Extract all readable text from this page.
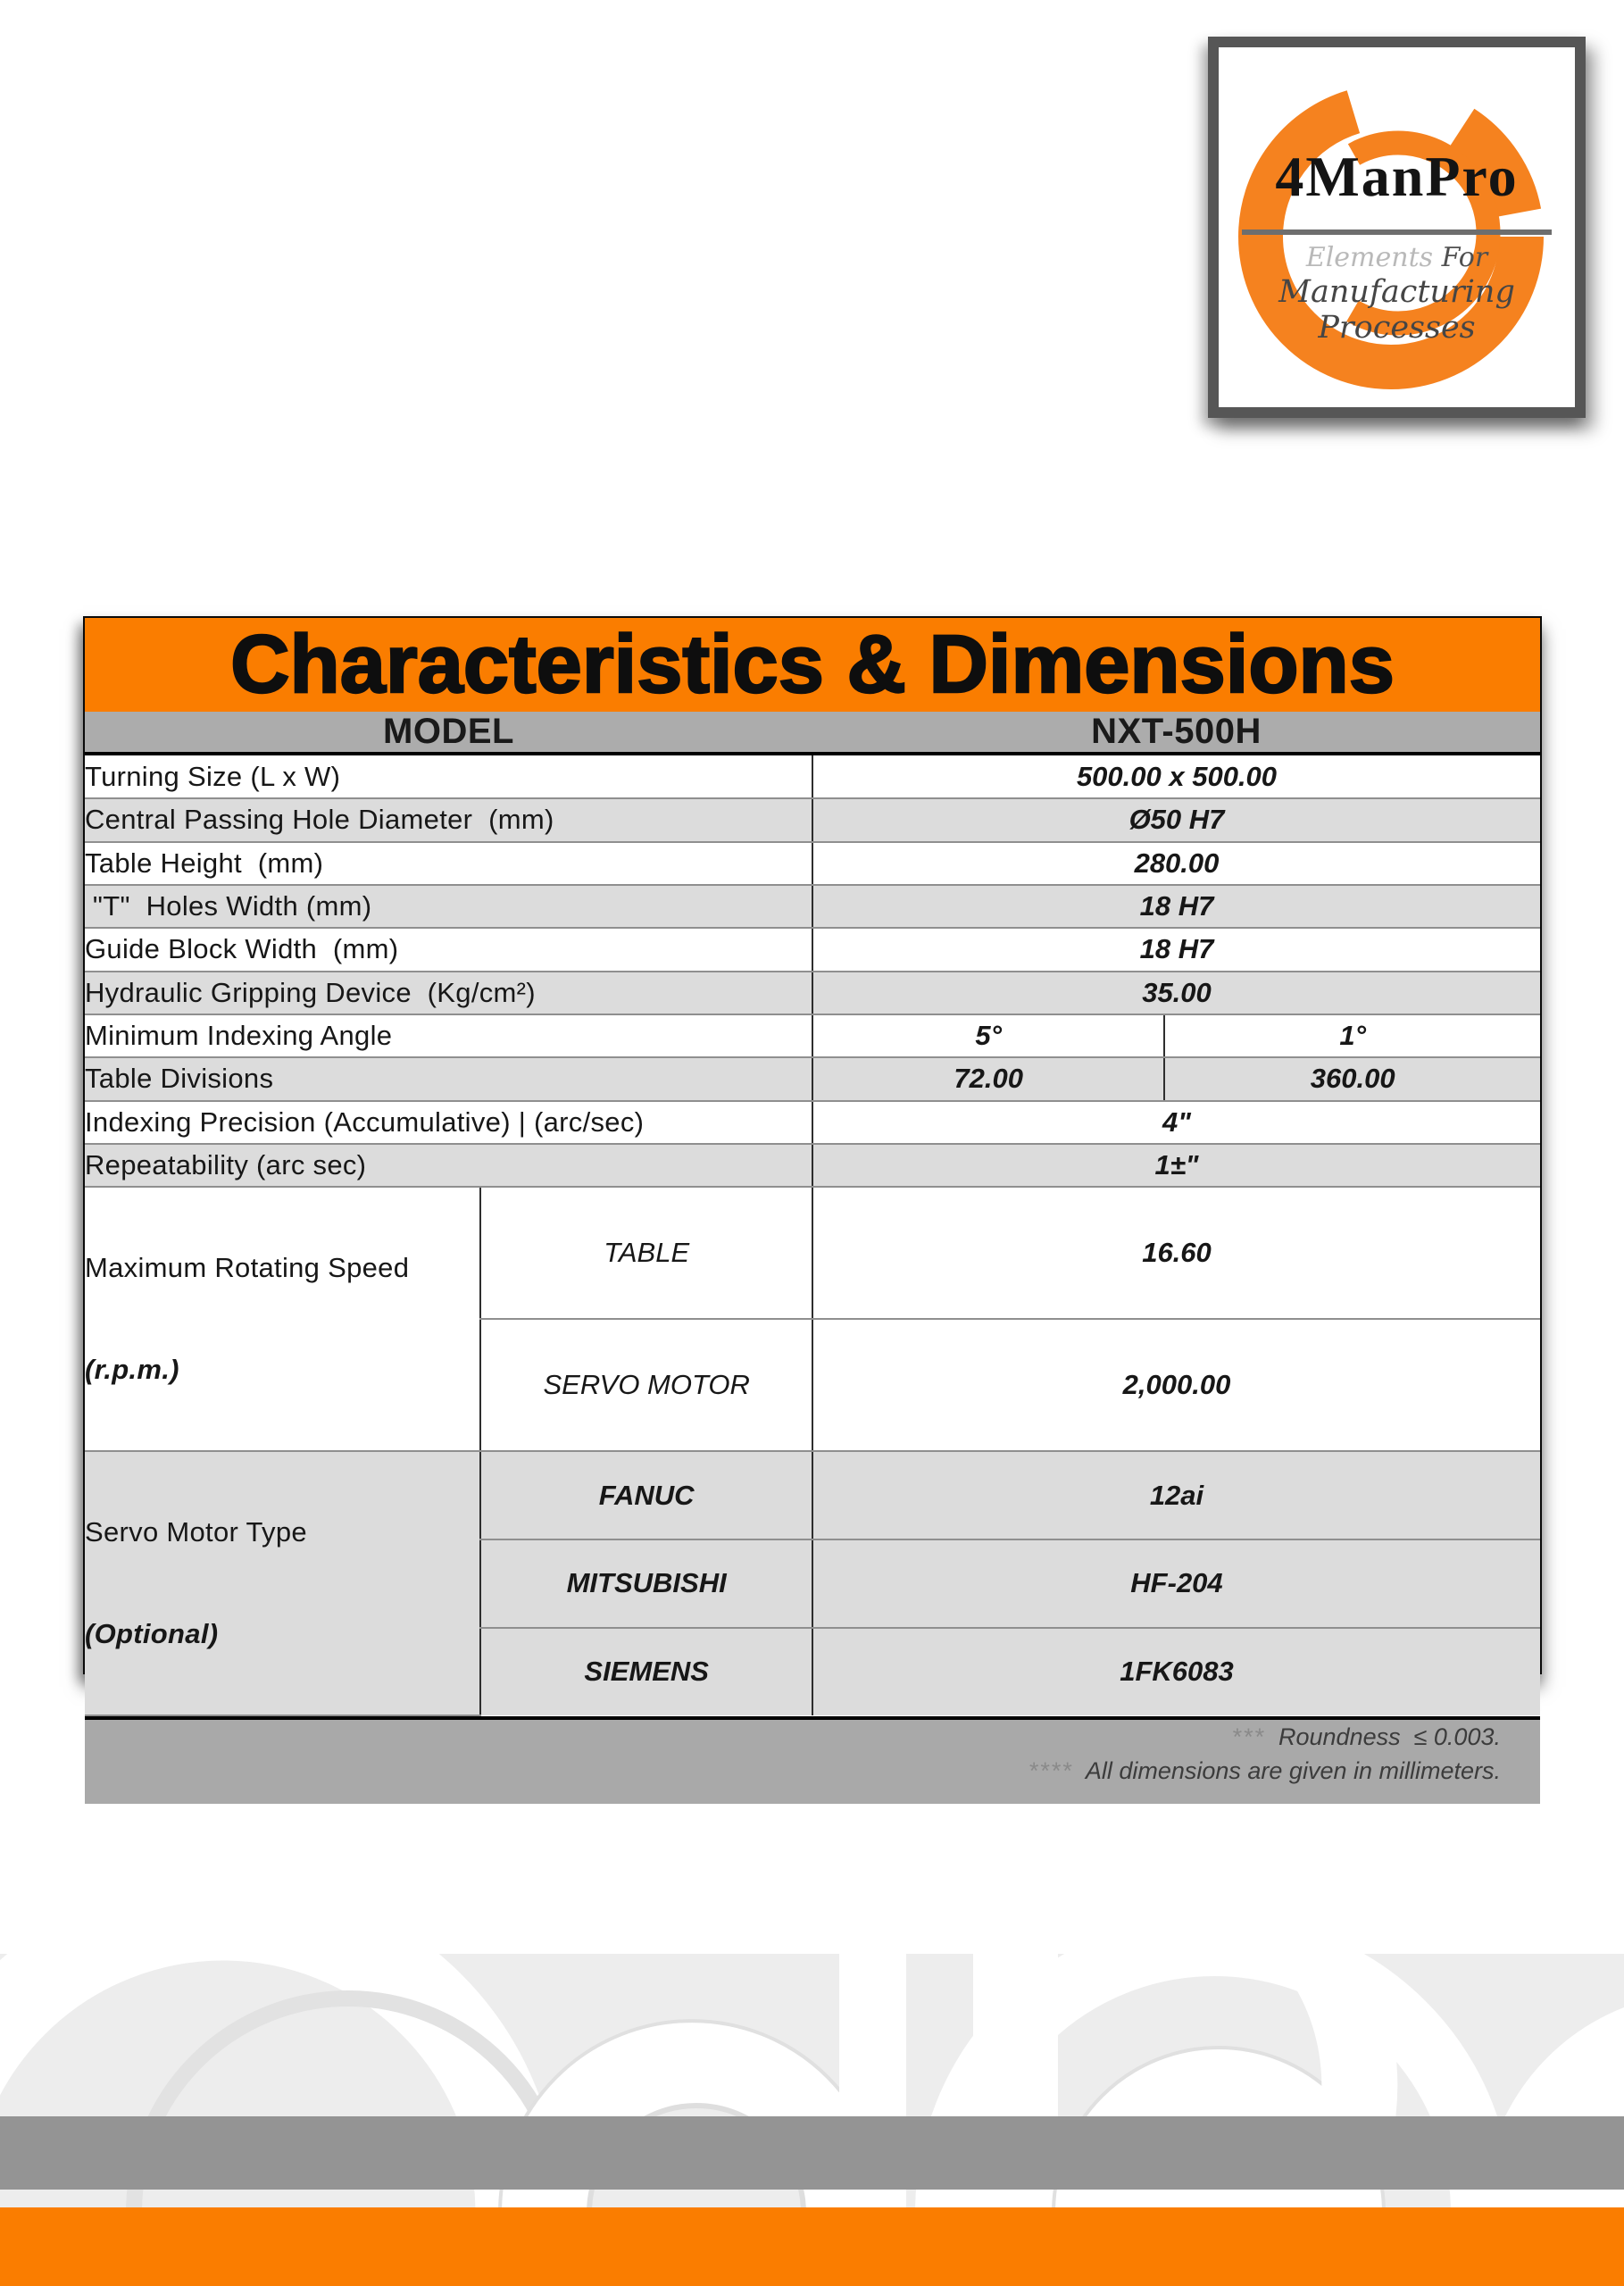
4ManPro
Elements For
Manufacturing Processes
Characteristics & Dimensions
MODEL	NXT-500H
Turning Size (L x W)		500.00 x 500.00	
Central Passing Hole Diameter  (mm)		Ø50 H7	
Table Height  (mm)		280.00	
"T"  Holes Width (mm)		18 H7	
Guide Block Width  (mm)		18 H7	
Hydraulic Gripping Device  (Kg/cm²)		35.00	
Minimum Indexing Angle		5°	1°
Table Divisions		72.00	360.00
Indexing Precision (Accumulative) | (arc/sec)		4"	
Repeatability (arc sec)		1±"	

Maximum Rotating Speed

(r.p.m.)	TABLE	16.60	
	SERVO MOTOR	2,000.00	

Servo Motor Type

(Optional)	FANUC	12ai	
	MITSUBISHI	HF-204	
	SIEMENS	1FK6083	
*** Roundness  ≤ 0.003.
**** All dimensions are given in millimeters.
